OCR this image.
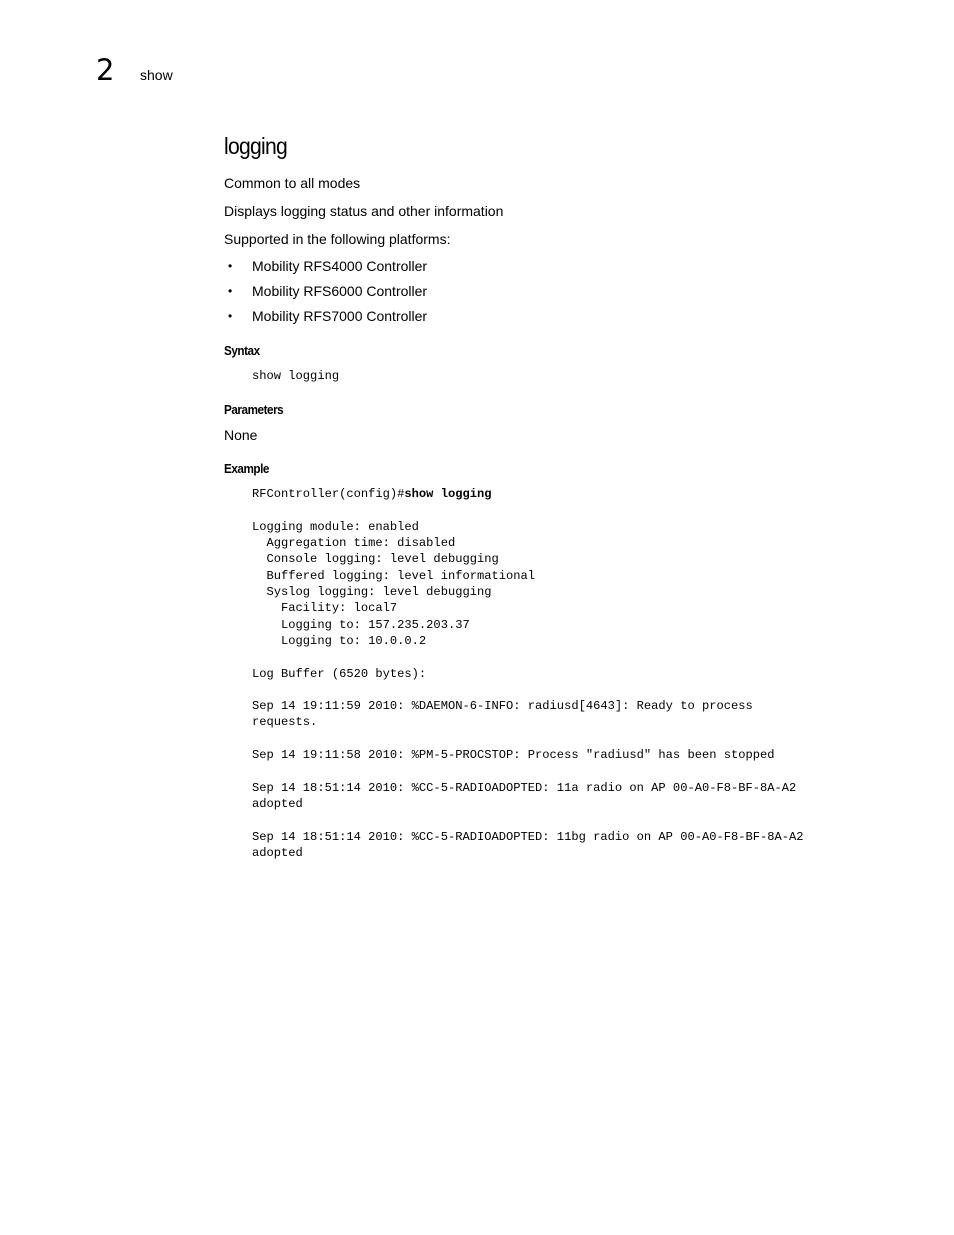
2 show
logging

Common to all modes

Displays logging status and other information

Supported in the following platforms:

• Mobility RFS4000 Controller
• Mobility RFS6000 Controller
• Mobility RFS7000 Controller
Syntax
show logging
Parameters

None

Example
RFController(config)#show logging

Logging module: enabled
Aggregation time: disabled
Console logging: level debugging
Buffered logging: level informational
Syslog logging: level debugging
Facility: local7
Logging to: 157.235.203.37
Logging to: 10.0.0.2

Log Buffer (6520 bytes):

Sep 14 19:11:59 2010: %DAEMON-6-INFO: radiusd[4643]: Ready to process
requests.

Sep 14 19:11:58 2010: %PM-5-PROCSTOP: Process "radiusd" has been stopped

Sep 14 18:51:14 2010: %CC-5-RADIOADOPTED: 11a radio on AP 00-A0-F8-BF-8A-A2
adopted

Sep 14 18:51:14 2010: %CC-5-RADIOADOPTED: 11bg radio on AP 00-A0-F8-BF-8A-A2
adopted
